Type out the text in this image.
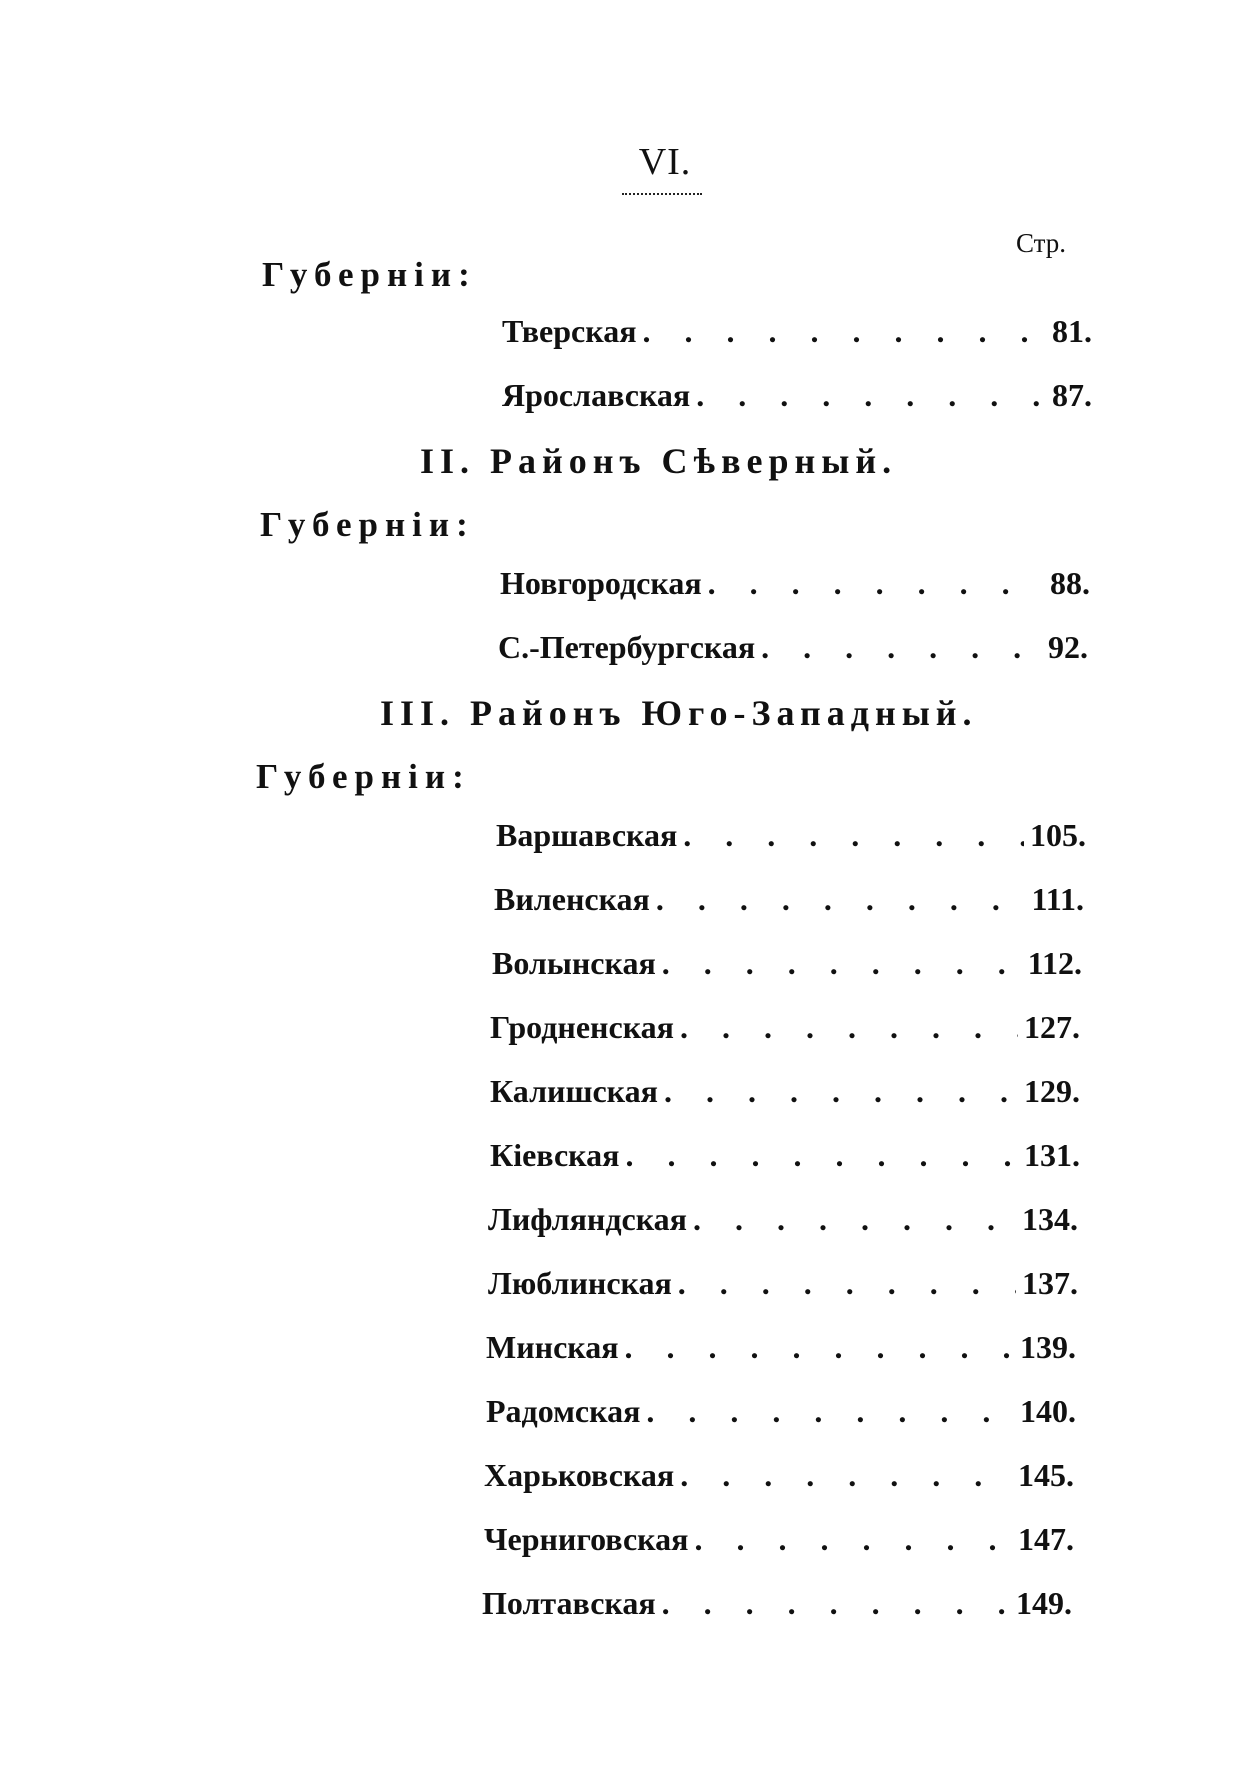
VI.
Стр.
Губерніи:
Тверская . . .	81.
Ярославская . . .	87.
II. Районъ Сѣверный.
Губерніи:
Новгородская . . .	88.
С.-Петербургская . . .	92.
III. Районъ Юго-Западный.
Губерніи:
Варшавская . . .	105.
Виленская . . .	111.
Волынская . . .	112.
Гродненская . . .	127.
Калишская . . .	129.
Кіевская . . .	131.
Лифляндская . . .	134.
Люблинская . . .	137.
Минская . . .	139.
Радомская . . .	140.
Харьковская . . .	145.
Черниговская . . .	147.
Полтавская . . .	149.
